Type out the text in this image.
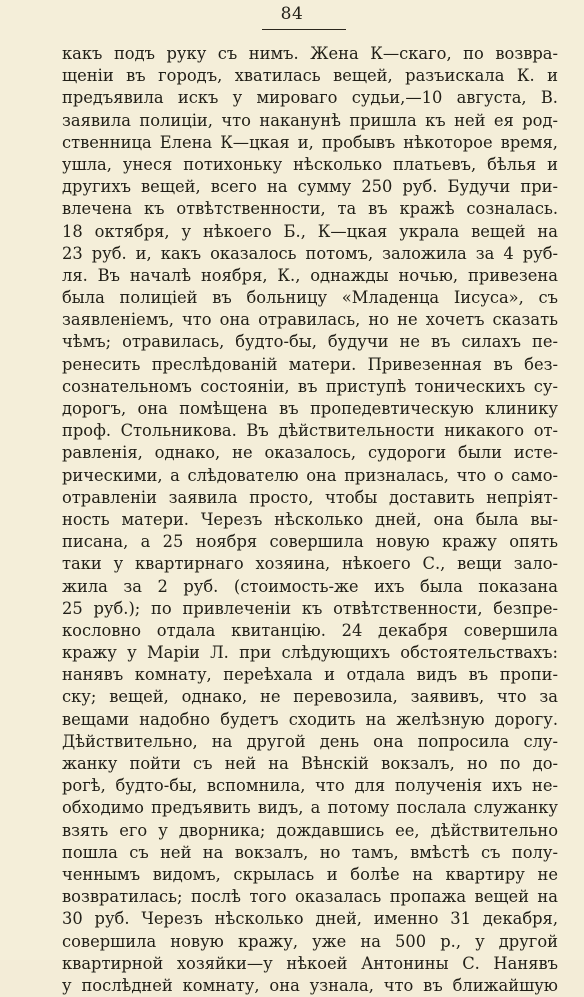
84
какъ подъ руку съ нимъ. Жена К—скаго, по возвра-
щенiи въ городъ, хватилась вещей, разъискала К. и
предъявила искъ у мироваго судьи,—10 августа, В.
заявила полицiи, что наканунѣ пришла къ ней ея род-
ственница Елена К—цкая и, пробывъ нѣкоторое время,
ушла, унеся потихоньку нѣсколько платьевъ, бѣлья и
другихъ вещей, всего на сумму 250 руб. Будучи при-
влечена къ отвѣтственности, та въ кражѣ созналась.
18 октября, у нѣкоего Б., К—цкая украла вещей на
23 руб. и, какъ оказалось потомъ, заложила за 4 руб-
ля. Въ началѣ ноября, К., однажды ночью, привезена
была полицiей въ больницу «Младенца Iисуса», съ
заявленiемъ, что она отравилась, но не хочетъ сказать
чѣмъ; отравилась, будто-бы, будучи не въ силахъ пе-
ренесить преслѣдованiй матери. Привезенная въ без-
сознательномъ состоянiи, въ приступѣ тоническихъ су-
дорогъ, она помѣщена въ пропедевтическую клинику
проф. Стольникова. Въ дѣйствительности никакого от-
равленiя, однако, не оказалось, судороги были исте-
рическими, а слѣдователю она призналась, что о само-
отравленiи заявила просто, чтобы доставить непрiят-
ность матери. Черезъ нѣсколько дней, она была вы-
писана, а 25 ноября совершила новую кражу опять
таки у квартирнаго хозяина, нѣкоего С., вещи зало-
жила за 2 руб. (стоимость-же ихъ была показана
25 руб.); по привлеченiи къ отвѣтственности, безпре-
кословно отдала квитанцiю. 24 декабря совершила
кражу у Марiи Л. при слѣдующихъ обстоятельствахъ:
нанявъ комнату, переѣхала и отдала видъ въ пропи-
ску; вещей, однако, не перевозила, заявивъ, что за
вещами надобно будетъ сходить на желѣзную дорогу.
Дѣйствительно, на другой день она попросила слу-
жанку пойти съ ней на Вѣнскiй вокзалъ, но по до-
рогѣ, будто-бы, вспомнила, что для полученiя ихъ не-
обходимо предъявить видъ, а потому послала служанку
взять его у дворника; дождавшись ее, дѣйствительно
пошла съ ней на вокзалъ, но тамъ, вмѣстѣ съ полу-
ченнымъ видомъ, скрылась и болѣе на квартиру не
возвратилась; послѣ того оказалась пропажа вещей на
30 руб. Черезъ нѣсколько дней, именно 31 декабря,
совершила новую кражу, уже на 500 р., у другой
квартирной хозяйки—у нѣкоей Антонины С. Нанявъ
у послѣдней комнату, она узнала, что въ ближайшую
